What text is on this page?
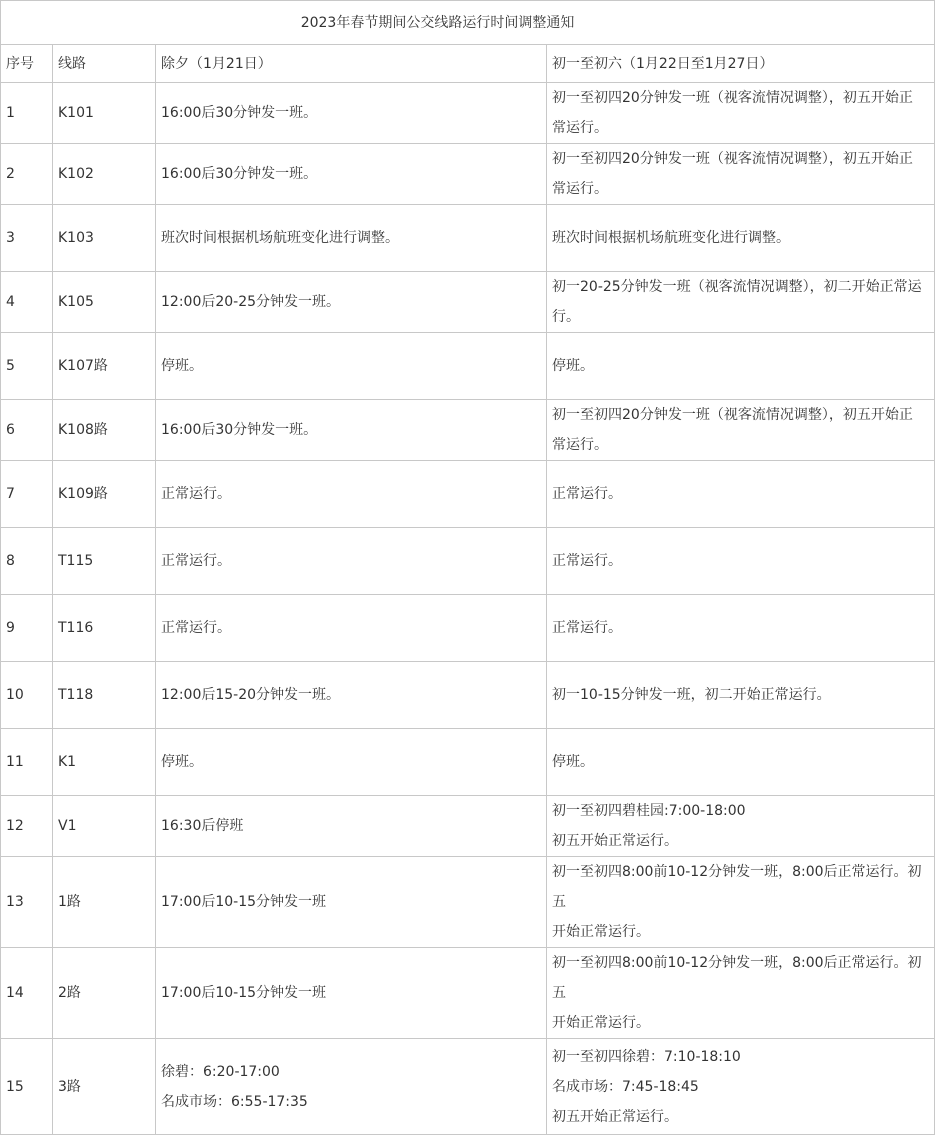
2023年春节期间公交线路运行时间调整通知			
序号	线路	除夕（1月21日）	初一至初六（1月22日至1月27日）
1	K101	16:00后30分钟发一班。	初一至初四20分钟发一班（视客流情况调整），初五开始正
常运行。

2	K102	16:00后30分钟发一班。	初一至初四20分钟发一班（视客流情况调整），初五开始正
常运行。

3	K103	班次时间根据机场航班变化进行调整。	班次时间根据机场航班变化进行调整。

4	K105	12:00后20-25分钟发一班。	初一20-25分钟发一班（视客流情况调整），初二开始正常运
行。

5	K107路	停班。	停班。

6	K108路	16:00后30分钟发一班。	初一至初四20分钟发一班（视客流情况调整），初五开始正
常运行。

7	K109路	正常运行。	正常运行。

8	T115	正常运行。	正常运行。

9	T116	正常运行。	正常运行。

10	T118	12:00后15-20分钟发一班。	初一10-15分钟发一班，初二开始正常运行。

11	K1	停班。	停班。

12	V1	16:30后停班	初一至初四碧桂园:7:00-18:00
初五开始正常运行。

13	1路	17:00后10-15分钟发一班	初一至初四8:00前10-12分钟发一班，8:00后正常运行。初五
开始正常运行。

14	2路	17:00后10-15分钟发一班	初一至初四8:00前10-12分钟发一班，8:00后正常运行。初五
开始正常运行。

15	3路	徐碧：6:20-17:00
名成市场：6:55-17:35	初一至初四徐碧：7:10-18:10
名成市场：7:45-18:45
初五开始正常运行。
